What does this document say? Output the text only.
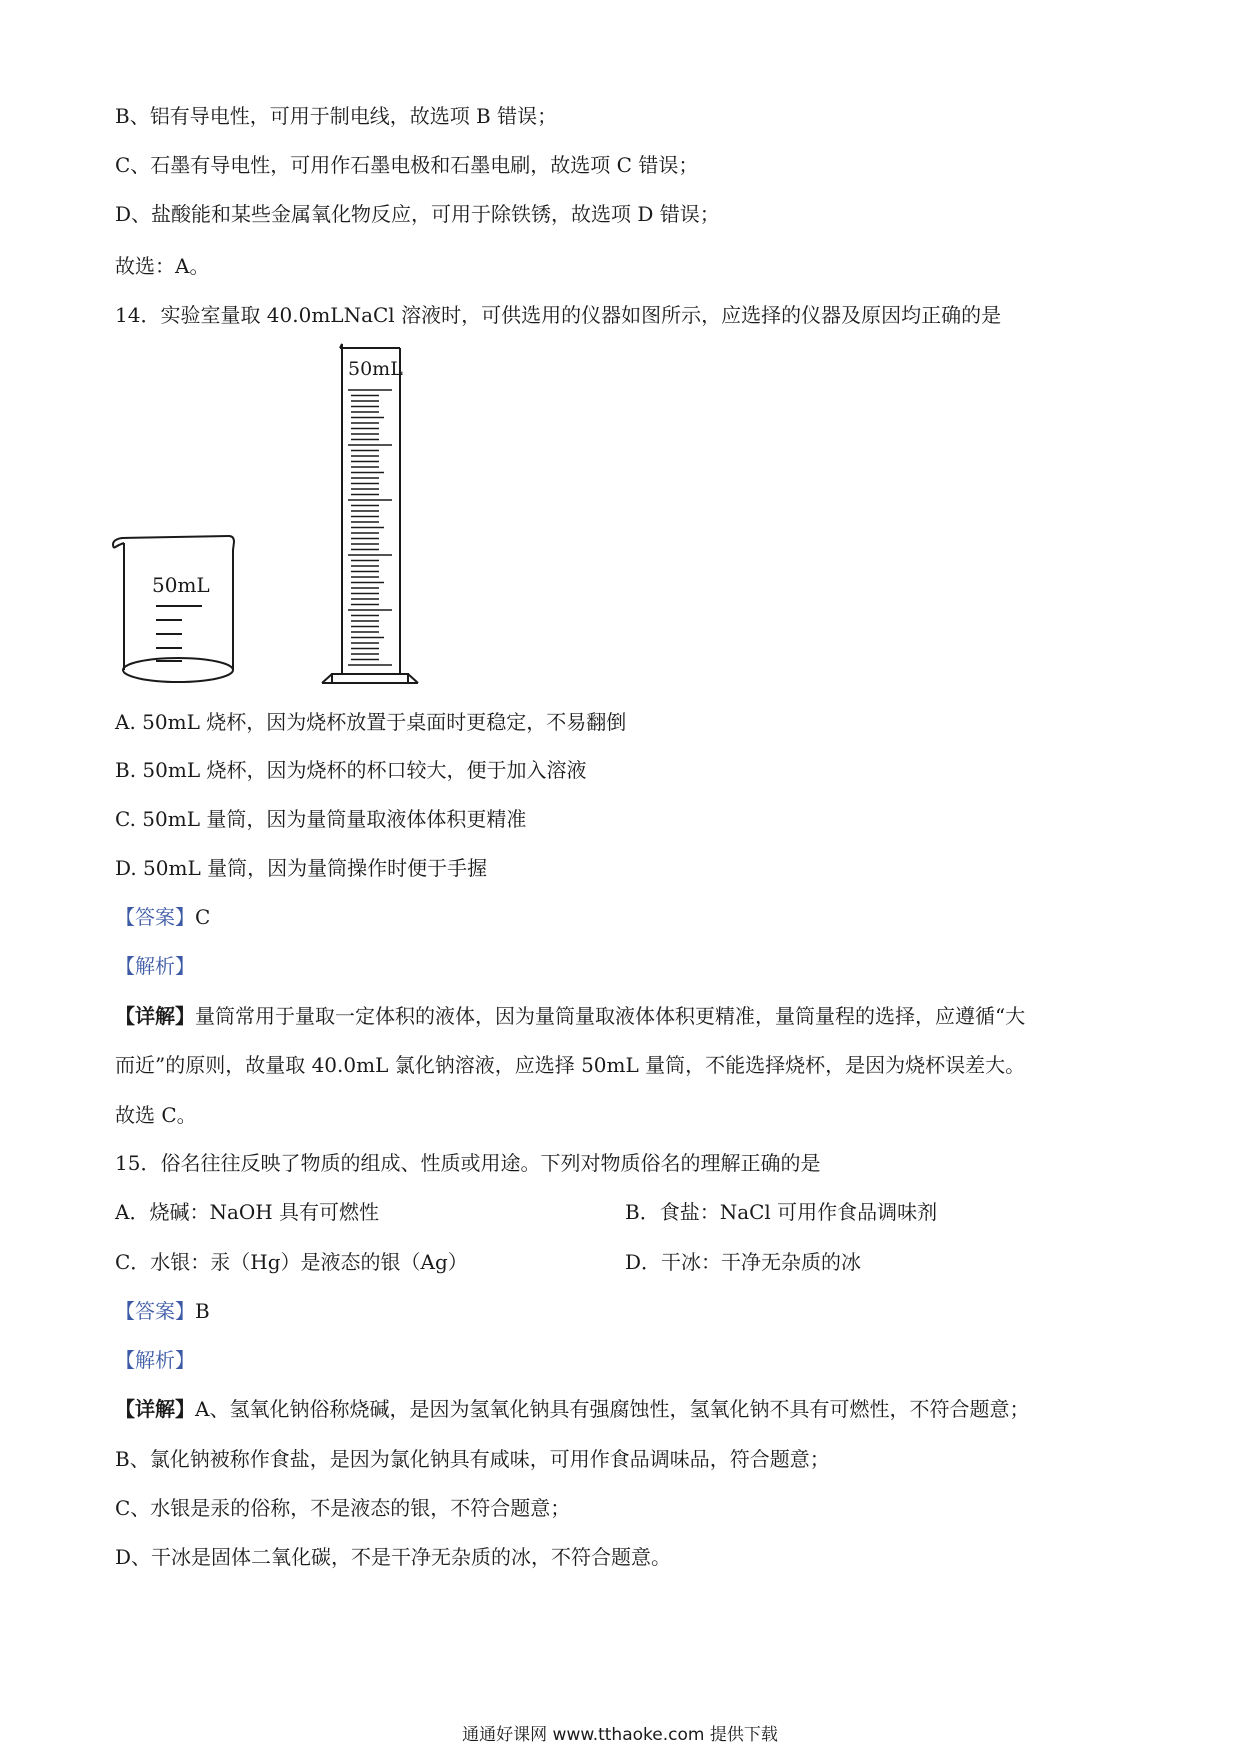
B、铝有导电性，可用于制电线，故选项 B 错误；
C、石墨有导电性，可用作石墨电极和石墨电刷，故选项 C 错误；
D、盐酸能和某些金属氧化物反应，可用于除铁锈，故选项 D 错误；
故选：A。
14．实验室量取 40.0mLNaCl 溶液时，可供选用的仪器如图所示，应选择的仪器及原因均正确的是
50mL
50mL
A. 50mL 烧杯，因为烧杯放置于桌面时更稳定，不易翻倒
B. 50mL 烧杯，因为烧杯的杯口较大，便于加入溶液
C. 50mL 量筒，因为量筒量取液体体积更精准
D. 50mL 量筒，因为量筒操作时便于手握
【答案】C
【解析】
【详解】量筒常用于量取一定体积的液体，因为量筒量取液体体积更精准，量筒量程的选择，应遵循“大
而近”的原则，故量取 40.0mL 氯化钠溶液，应选择 50mL 量筒，不能选择烧杯，是因为烧杯误差大。
故选 C。
15．俗名往往反映了物质的组成、性质或用途。下列对物质俗名的理解正确的是
A．烧碱：NaOH 具有可燃性	B．食盐：NaCl 可用作食品调味剂
C．水银：汞（Hg）是液态的银（Ag）	D．干冰：干净无杂质的冰
【答案】B
【解析】
【详解】A、氢氧化钠俗称烧碱，是因为氢氧化钠具有强腐蚀性，氢氧化钠不具有可燃性，不符合题意；
B、氯化钠被称作食盐，是因为氯化钠具有咸味，可用作食品调味品，符合题意；
C、水银是汞的俗称，不是液态的银，不符合题意；
D、干冰是固体二氧化碳，不是干净无杂质的冰，不符合题意。
通通好课网 www.tthaoke.com 提供下载
